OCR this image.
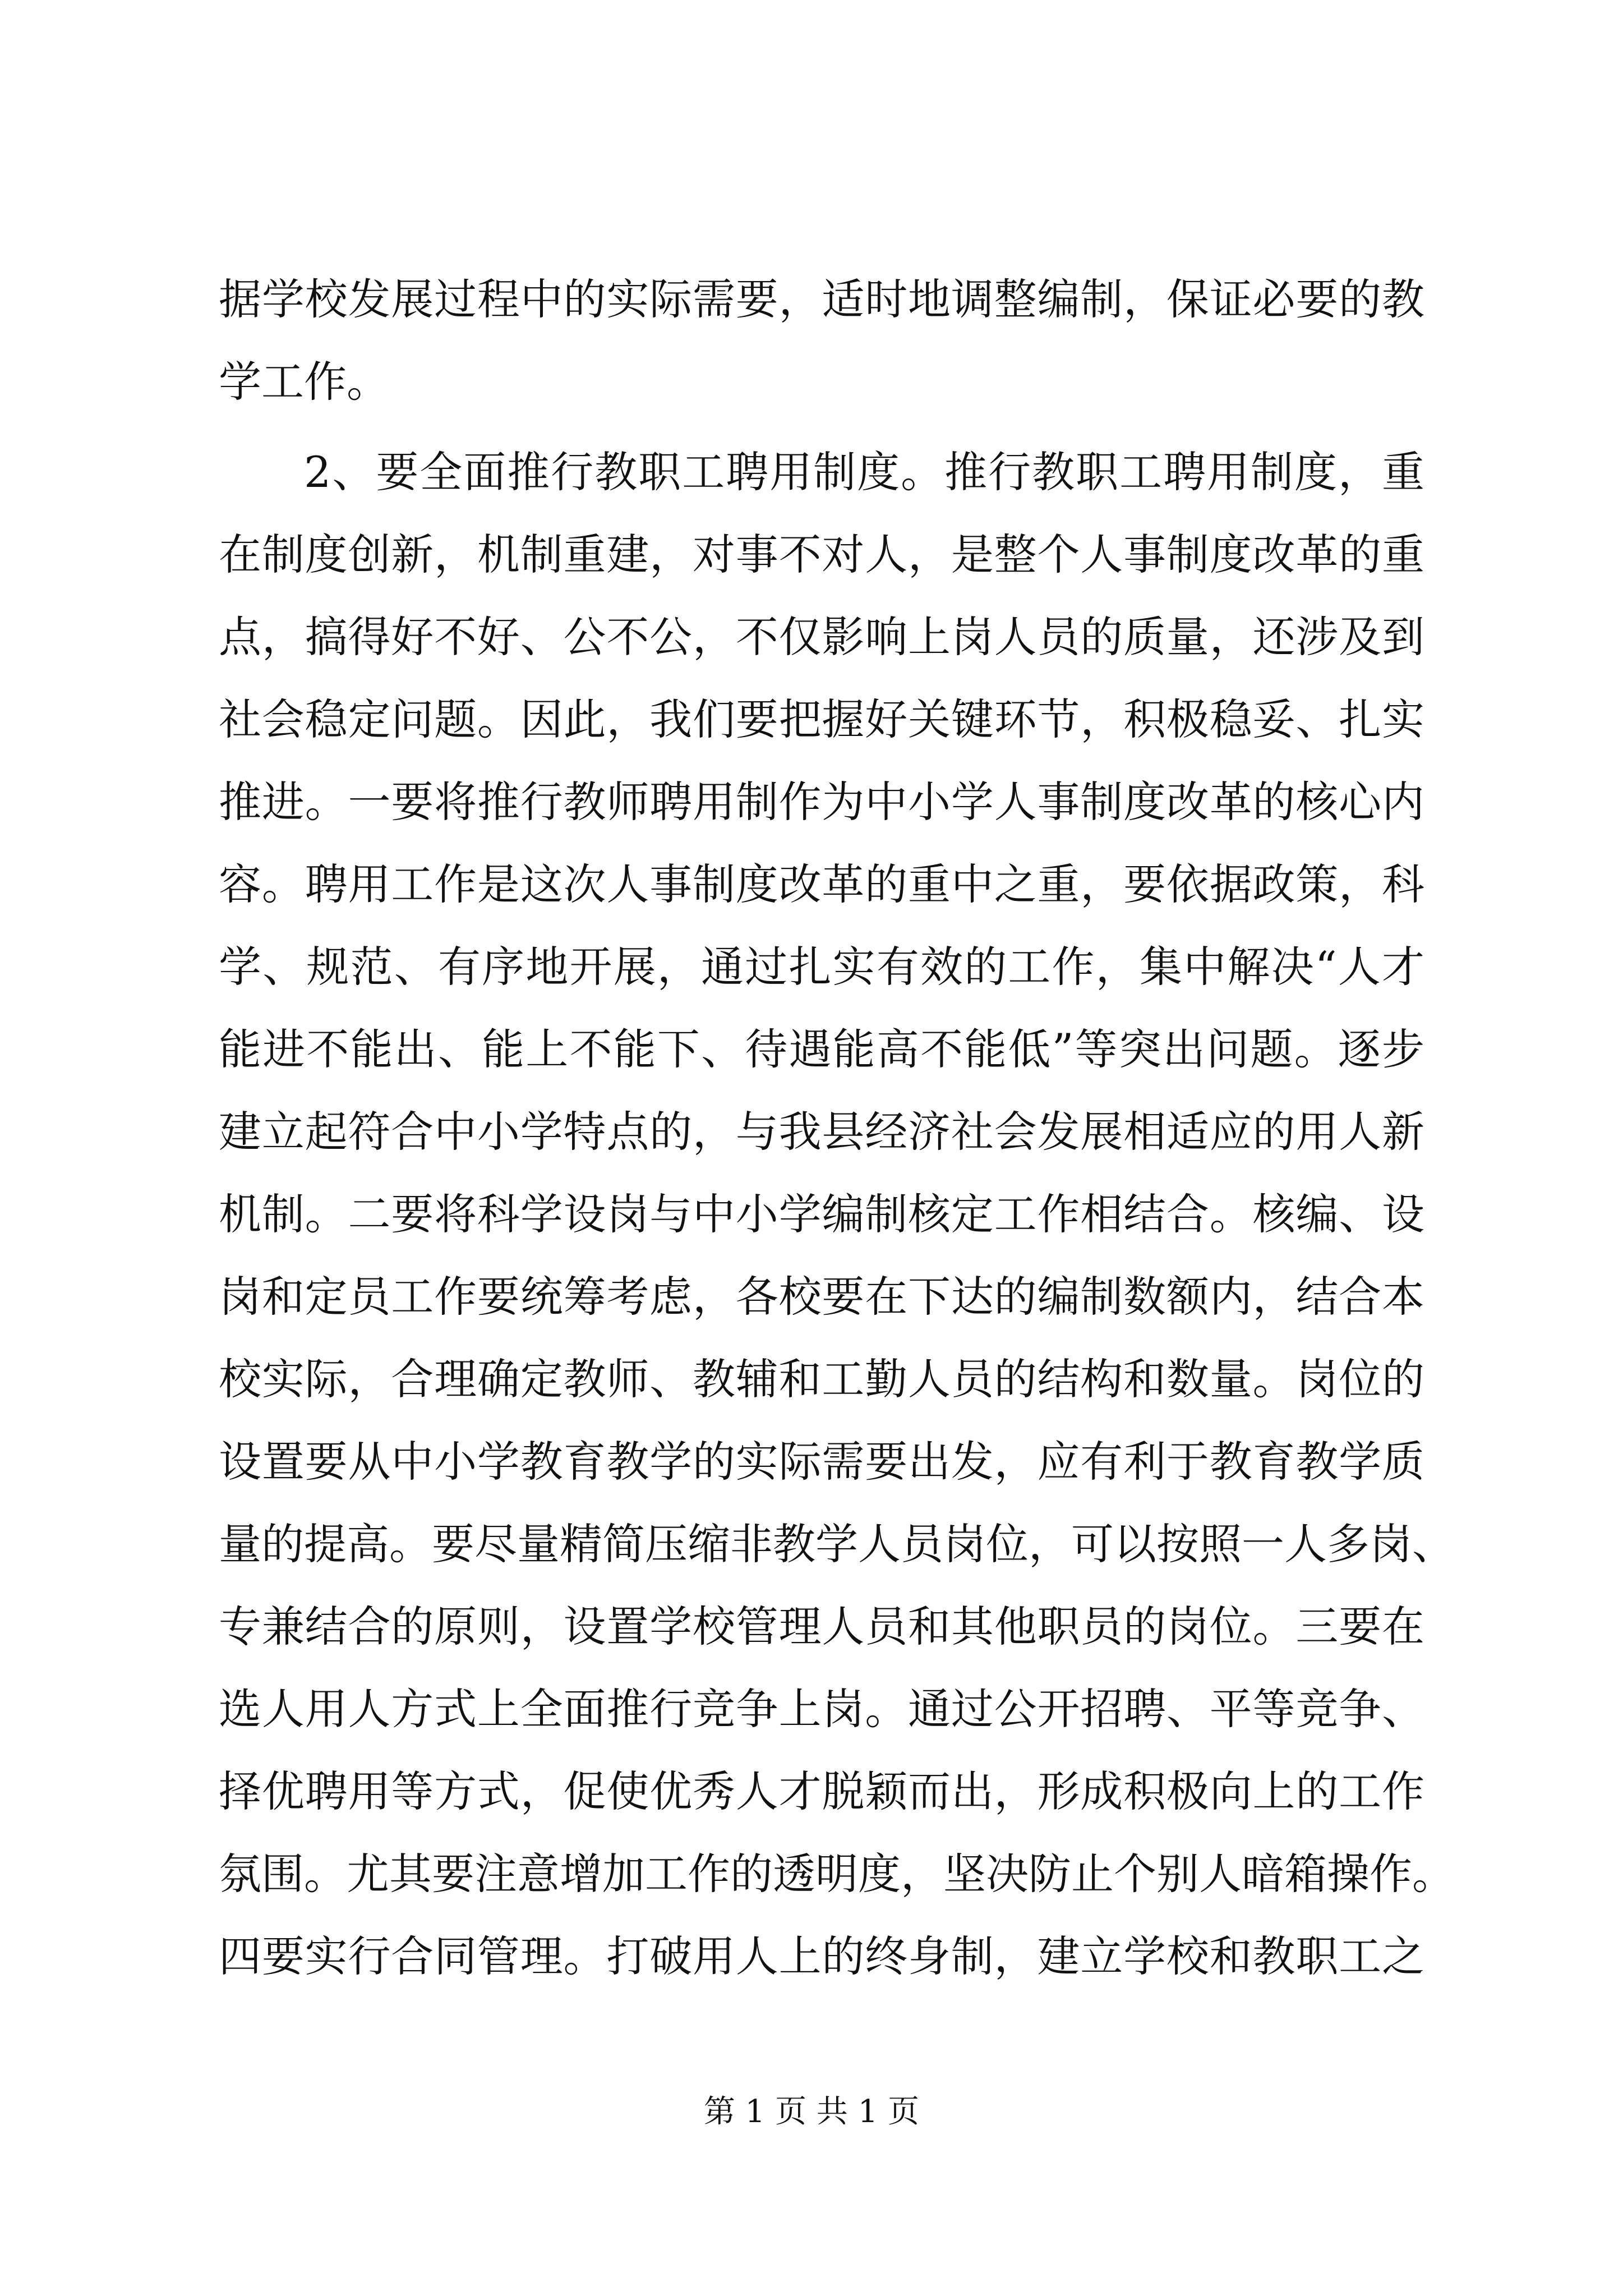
据学校发展过程中的实际需要，适时地调整编制，保证必要的教
学工作。
2、要全面推行教职工聘用制度。推行教职工聘用制度，重
在制度创新，机制重建，对事不对人，是整个人事制度改革的重
点，搞得好不好、公不公，不仅影响上岗人员的质量，还涉及到
社会稳定问题。因此，我们要把握好关键环节，积极稳妥、扎实
推进。一要将推行教师聘用制作为中小学人事制度改革的核心内
容。聘用工作是这次人事制度改革的重中之重，要依据政策，科
学、规范、有序地开展，通过扎实有效的工作，集中解决“人才
能进不能出、能上不能下、待遇能高不能低”等突出问题。逐步
建立起符合中小学特点的，与我县经济社会发展相适应的用人新
机制。二要将科学设岗与中小学编制核定工作相结合。核编、设
岗和定员工作要统筹考虑，各校要在下达的编制数额内，结合本
校实际，合理确定教师、教辅和工勤人员的结构和数量。岗位的
设置要从中小学教育教学的实际需要出发，应有利于教育教学质
量的提高。要尽量精简压缩非教学人员岗位，可以按照一人多岗、
专兼结合的原则，设置学校管理人员和其他职员的岗位。三要在
选人用人方式上全面推行竞争上岗。通过公开招聘、平等竞争、
择优聘用等方式，促使优秀人才脱颖而出，形成积极向上的工作
氛围。尤其要注意增加工作的透明度，坚决防止个别人暗箱操作。
四要实行合同管理。打破用人上的终身制，建立学校和教职工之
第 1 页 共 1 页
